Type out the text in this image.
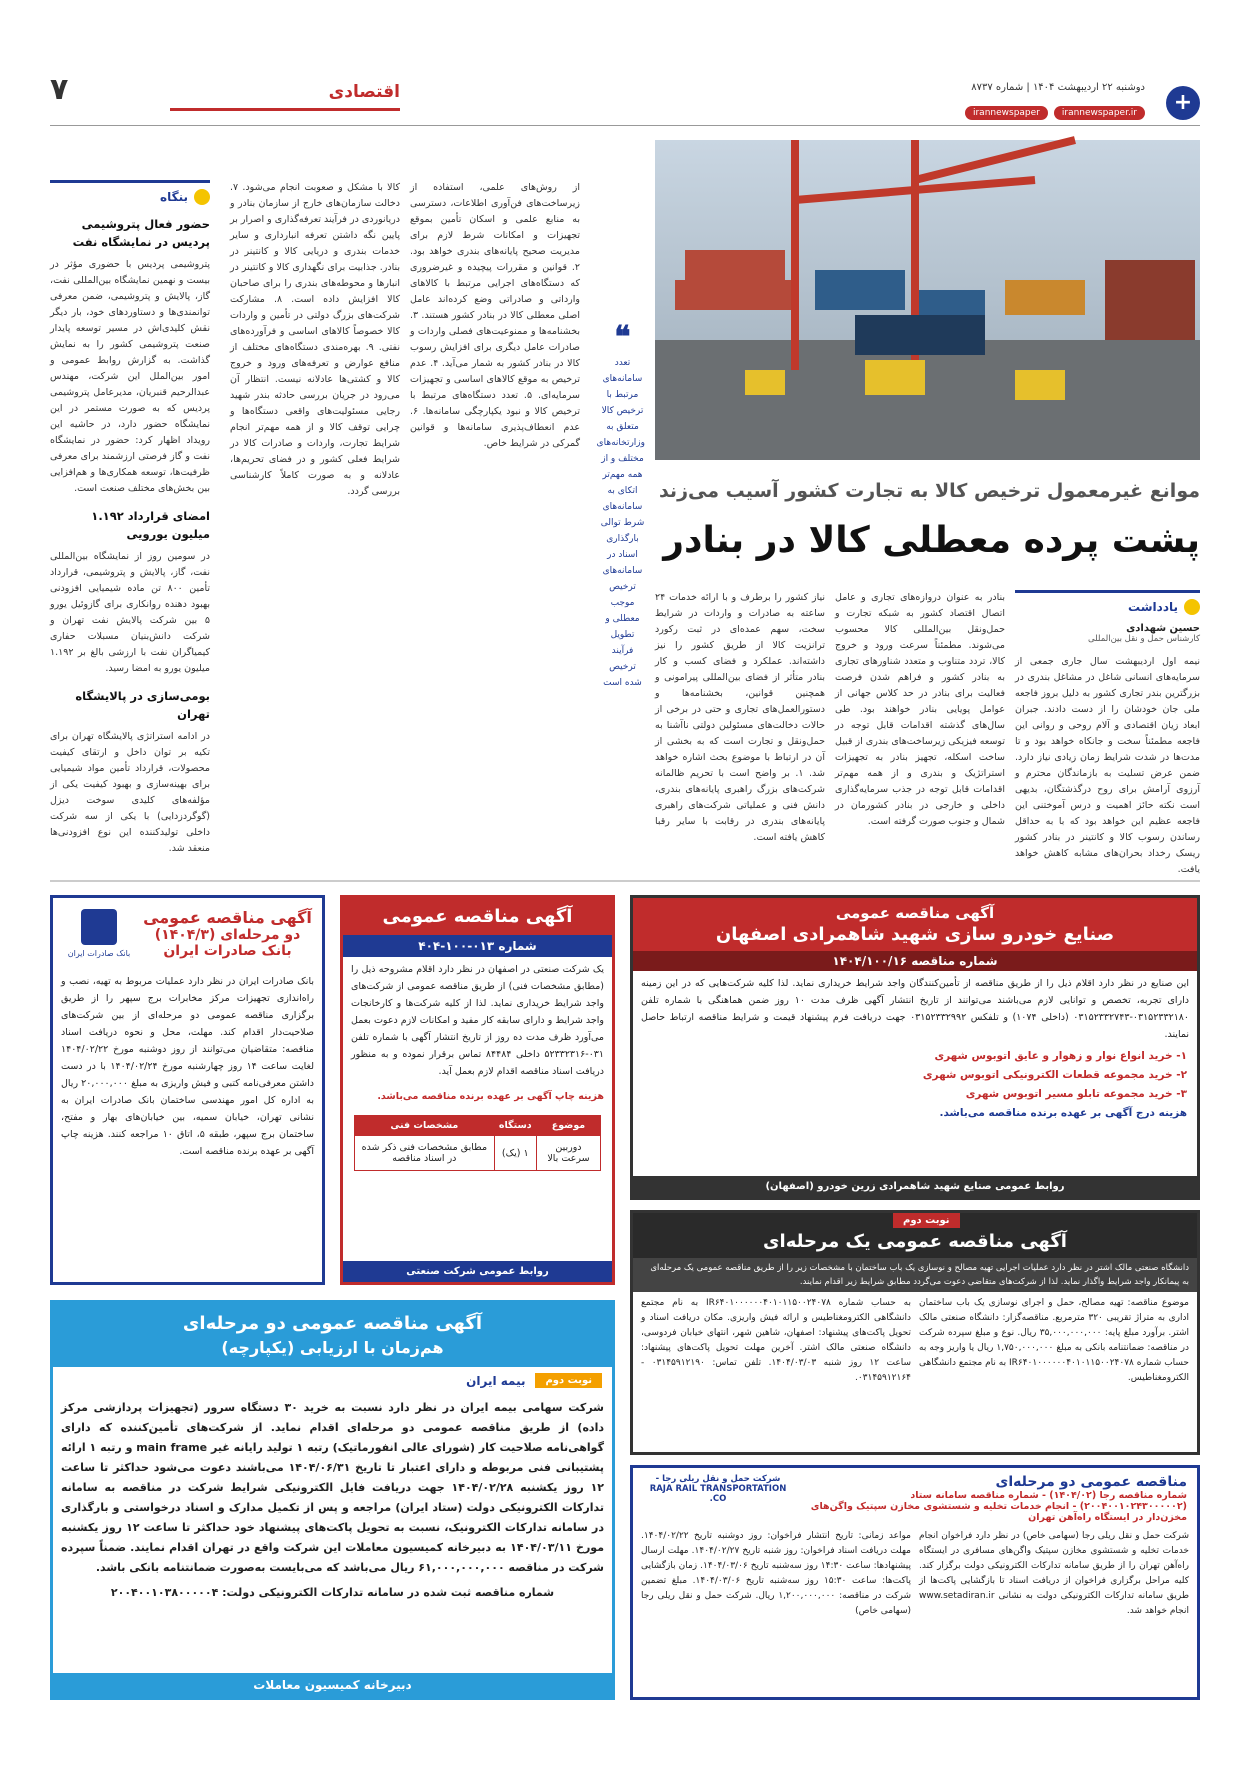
۷	اقتصادی	دوشنبه ۲۲ اردیبهشت ۱۴۰۴ | شماره ۸۷۳۷
irannewspaper.ir
irannewspaper	+
بنگاه
حضور فعال پتروشیمی پردیس در نمایشگاه نفت
پتروشیمی پردیس با حضوری مؤثر در بیست و نهمین نمایشگاه بین‌المللی نفت، گاز، پالایش و پتروشیمی، ضمن معرفی توانمندی‌ها و دستاوردهای خود، بار دیگر نقش کلیدی‌اش در مسیر توسعه پایدار صنعت پتروشیمی کشور را به نمایش گذاشت. به گزارش روابط عمومی و امور بین‌الملل این شرکت، مهندس عبدالرحیم قنبریان، مدیرعامل پتروشیمی پردیس که به صورت مستمر در این نمایشگاه حضور دارد، در حاشیه این رویداد اظهار کرد: حضور در نمایشگاه نفت و گاز فرصتی ارزشمند برای معرفی ظرفیت‌ها، توسعه همکاری‌ها و هم‌افزایی بین بخش‌های مختلف صنعت است.
امضای قرارداد ۱.۱۹۲ میلیون یورویی
در سومین روز از نمایشگاه بین‌المللی نفت، گاز، پالایش و پتروشیمی، قرارداد تأمین ۸۰۰ تن ماده شیمیایی افزودنی بهبود دهنده روانکاری برای گازوئیل یورو ۵ بین شرکت پالایش نفت تهران و شرکت دانش‌بنیان مسبلات حفاری کیمیاگران نفت با ارزشی بالغ بر ۱.۱۹۲ میلیون یورو به امضا رسید.
بومی‌سازی در پالایشگاه تهران
در ادامه استراتژی پالایشگاه تهران برای تکیه بر توان داخل و ارتقای کیفیت محصولات، قرارداد تأمین مواد شیمیایی برای بهینه‌سازی و بهبود کیفیت یکی از مؤلفه‌های کلیدی سوخت دیزل (گوگردزدایی) با یکی از سه شرکت داخلی تولیدکننده این نوع افزودنی‌ها منعقد شد.
کالا با مشکل و صعوبت انجام می‌شود. ۷. دخالت سازمان‌های خارج از سازمان بنادر و دریانوردی در فرآیند تعرفه‌گذاری و اصرار بر پایین نگه داشتن تعرفه انبارداری و سایر خدمات بندری و دریایی کالا و کانتینر در بنادر. جذابیت برای نگهداری کالا و کانتینر در انبارها و محوطه‌های بندری را برای صاحبان کالا افزایش داده است. ۸. مشارکت شرکت‌های بزرگ دولتی در تأمین و واردات کالا خصوصاً کالاهای اساسی و فرآورده‌های نفتی. ۹. بهره‌مندی دستگاه‌های مختلف از منافع عوارض و تعرفه‌های ورود و خروج کالا و کشتی‌ها عادلانه نیست. انتظار آن می‌رود در جریان بررسی حادثه بندر شهید رجایی مسئولیت‌های واقعی دستگاه‌ها و چرایی توقف کالا و از همه مهم‌تر انجام شرایط تجارت، واردات و صادرات کالا در شرایط فعلی کشور و در فضای تحریم‌ها، عادلانه و به صورت کاملاً کارشناسی بررسی گردد.
از روش‌های علمی، استفاده از زیرساخت‌های فن‌آوری اطلاعات، دسترسی به منابع علمی و اسکان تأمین بموقع تجهیزات و امکانات شرط لازم برای مدیریت صحیح پایانه‌های بندری خواهد بود. ۲. قوانین و مقررات پیچیده و غیرضروری که دستگاه‌های اجرایی مرتبط با کالاهای وارداتی و صادراتی وضع کرده‌اند عامل اصلی معطلی کالا در بنادر کشور هستند. ۳. بخشنامه‌ها و ممنوعیت‌های فصلی واردات و صادرات عامل دیگری برای افزایش رسوب کالا در بنادر کشور به شمار می‌آید. ۴. عدم ترخیص به موقع کالاهای اساسی و تجهیزات سرمایه‌ای. ۵. تعدد دستگاه‌های مرتبط با ترخیص کالا و نبود یکپارچگی سامانه‌ها. ۶. عدم انعطاف‌پذیری سامانه‌ها و قوانین گمرکی در شرایط خاص.
❝
تعدد سامانه‌های مرتبط با ترخیص کالا متعلق به وزارتخانه‌های مختلف و از همه مهم‌تر اتکای به سامانه‌های شرط توالی بارگذاری اسناد در سامانه‌های ترخیص موجب معطلی و تطویل فرآیند ترخیص شده است
موانع غیرمعمول ترخیص کالا به تجارت کشور آسیب می‌زند
پشت پرده معطلی کالا در بنادر
نیاز کشور را برطرف و با ارائه خدمات ۲۴ ساعته به صادرات و واردات در شرایط سخت، سهم عمده‌ای در ثبت رکورد ترانزیت کالا از طریق کشور را نیز داشته‌اند. عملکرد و فضای کسب و کار بنادر متأثر از فضای بین‌المللی پیرامونی و همچنین قوانین، بخشنامه‌ها و دستورالعمل‌های تجاری و حتی در برخی از حالات دخالت‌های مسئولین دولتی ناآشنا به حمل‌ونقل و تجارت است که به بخشی از آن در ارتباط با موضوع بحث اشاره خواهد شد. ۱. بر واضح است با تحریم ظالمانه شرکت‌های بزرگ راهبری پایانه‌های بندری، دانش فنی و عملیاتی شرکت‌های راهبری پایانه‌های بندری در رقابت با سایر رقبا کاهش یافته است.
بنادر به عنوان دروازه‌های تجاری و عامل اتصال اقتصاد کشور به شبکه تجارت و حمل‌ونقل بین‌المللی کالا محسوب می‌شوند. مطمئناً سرعت ورود و خروج کالا، تردد متناوب و متعدد شناورهای تجاری به بنادر کشور و فراهم شدن فرصت فعالیت برای بنادر در حد کلاس جهانی از عوامل پویایی بنادر خواهند بود. طی سال‌های گذشته اقدامات قابل توجه در توسعه فیزیکی زیرساخت‌های بندری از قبیل ساخت اسکله، تجهیز بنادر به تجهیزات استراتژیک و بندری و از همه مهم‌تر اقدامات قابل توجه در جذب سرمایه‌گذاری داخلی و خارجی در بنادر کشورمان در شمال و جنوب صورت گرفته است.
یادداشت
حسین شهدادی
کارشناس حمل و نقل بین‌المللی
نیمه اول اردیبهشت سال جاری جمعی از سرمایه‌های انسانی شاغل در مشاغل بندری در بزرگترین بندر تجاری کشور به دلیل بروز فاجعه ملی جان خودشان را از دست دادند. جبران ابعاد زیان اقتصادی و آلام روحی و روانی این فاجعه مطمئناً سخت و جانکاه خواهد بود و تا مدت‌ها در شدت شرایط زمان زیادی نیاز دارد. ضمن عرض تسلیت به بازماندگان محترم و آرزوی آرامش برای روح درگذشتگان، بدیهی است نکته حائز اهمیت و درس آموختنی این فاجعه عظیم این خواهد بود که با به حداقل رساندن رسوب کالا و کانتینر در بنادر کشور ریسک رخداد بحران‌های مشابه کاهش خواهد یافت.
آگهی مناقصه عمومی
صنایع خودرو سازی شهید شاهمرادی اصفهان
شماره مناقصه ۱۴۰۴/۱۰۰/۱۶
این صنایع در نظر دارد اقلام ذیل را از طریق مناقصه از تأمین‌کنندگان واجد شرایط خریداری نماید. لذا کلیه شرکت‌هایی که در این زمینه دارای تجربه، تخصص و توانایی لازم می‌باشند می‌توانند از تاریخ انتشار آگهی ظرف مدت ۱۰ روز ضمن هماهنگی با شماره تلفن ۰۳۱۵۲۳۳۲۱۸۰-۰۳۱۵۲۳۳۲۷۴۳ (داخلی ۱۰۷۴) و تلفکس ۰۳۱۵۲۳۳۲۹۹۲ جهت دریافت فرم پیشنهاد قیمت و شرایط مناقصه ارتباط حاصل نمایند.
۱- خرید انواع نوار و زهوار و عایق اتوبوس شهری
۲- خرید مجموعه قطعات الکترونیکی اتوبوس شهری
۳- خرید مجموعه تابلو مسیر اتوبوس شهری
هزینه درج آگهی بر عهده برنده مناقصه می‌باشد.
روابط عمومی صنایع شهید شاهمرادی زرین خودرو (اصفهان)
آگهی مناقصه عمومی
شماره ۰۱۳-۱۰۰-۴۰۴
یک شرکت صنعتی در اصفهان در نظر دارد اقلام مشروحه ذیل را (مطابق مشخصات فنی) از طریق مناقصه عمومی از شرکت‌های واجد شرایط خریداری نماید. لذا از کلیه شرکت‌ها و کارخانجات واجد شرایط و دارای سابقه کار مفید و امکانات لازم دعوت بعمل می‌آورد ظرف مدت ده روز از تاریخ انتشار آگهی با شماره تلفن ۰۳۱-۵۲۳۳۲۳۱۶ داخلی ۸۴۴۸۴ تماس برقرار نموده و به منظور دریافت اسناد مناقصه اقدام لازم بعمل آید.
هزینه چاپ آگهی بر عهده برنده مناقصه می‌باشد.
موضوع	دستگاه	مشخصات فنی
دوربین سرعت بالا	۱ (یک)	مطابق مشخصات فنی ذکر شده در اسناد مناقصه
روابط عمومی شرکت صنعتی
آگهی مناقصه عمومی
دو مرحله‌ای (۱۴۰۴/۳)
بانک صادرات ایران
بانک صادرات ایران
بانک صادرات ایران در نظر دارد عملیات مربوط به تهیه، نصب و راه‌اندازی تجهیزات مرکز مخابرات برج سپهر را از طریق برگزاری مناقصه عمومی دو مرحله‌ای از بین شرکت‌های صلاحیت‌دار اقدام کند. مهلت، محل و نحوه دریافت اسناد مناقصه: متقاضیان می‌توانند از روز دوشنبه مورخ ۱۴۰۴/۰۲/۲۲ لغایت ساعت ۱۴ روز چهارشنبه مورخ ۱۴۰۴/۰۲/۲۴ با در دست داشتن معرفی‌نامه کتبی و فیش واریزی به مبلغ ۲۰,۰۰۰,۰۰۰ ریال به اداره کل امور مهندسی ساختمان بانک صادرات ایران به نشانی تهران، خیابان سمیه، بین خیابان‌های بهار و مفتح، ساختمان برج سپهر، طبقه ۵، اتاق ۱۰ مراجعه کنند. هزینه چاپ آگهی بر عهده برنده مناقصه است.
نوبت دوم
آگهی مناقصه عمومی یک مرحله‌ای
دانشگاه صنعتی مالک اشتر در نظر دارد عملیات اجرایی تهیه مصالح و نوسازی یک باب ساختمان با مشخصات زیر را از طریق مناقصه عمومی یک مرحله‌ای به پیمانکار واجد شرایط واگذار نماید. لذا از شرکت‌های متقاضی دعوت می‌گردد مطابق شرایط زیر اقدام نمایند.
موضوع مناقصه: تهیه مصالح، حمل و اجرای نوسازی یک باب ساختمان اداری به متراژ تقریبی ۳۲۰ مترمربع. مناقصه‌گزار: دانشگاه صنعتی مالک اشتر. برآورد مبلغ پایه: ۳۵,۰۰۰,۰۰۰,۰۰۰ ریال. نوع و مبلغ سپرده شرکت در مناقصه: ضمانتنامه بانکی به مبلغ ۱,۷۵۰,۰۰۰,۰۰۰ ریال یا واریز وجه به حساب شماره IR۶۴۰۱۰۰۰۰۰۰۴۰۱۰۱۱۵۰۰۲۴۰۷۸ به نام مجتمع دانشگاهی الکترومغناطیس.
به حساب شماره IR۶۴۰۱۰۰۰۰۰۰۴۰۱۰۱۱۵۰۰۲۴۰۷۸ به نام مجتمع دانشگاهی الکترومغناطیس و ارائه فیش واریزی. مکان دریافت اسناد و تحویل پاکت‌های پیشنهاد: اصفهان، شاهین شهر، انتهای خیابان فردوسی، دانشگاه صنعتی مالک اشتر. آخرین مهلت تحویل پاکت‌های پیشنهاد: ساعت ۱۲ روز شنبه ۱۴۰۴/۰۳/۰۳. تلفن تماس: ۰۳۱۴۵۹۱۲۱۹۰ - ۰۳۱۴۵۹۱۲۱۶۴.
آگهی مناقصه عمومی دو مرحله‌ای
هم‌زمان با ارزیابی (یکپارچه)
نوبت دوم
بیمه ایران
شرکت سهامی بیمه ایران در نظر دارد نسبت به خرید ۳۰ دستگاه سرور (تجهیزات پردازشی مرکز داده) از طریق مناقصه عمومی دو مرحله‌ای اقدام نماید. از شرکت‌های تأمین‌کننده که دارای گواهی‌نامه صلاحیت کار (شورای عالی انفورماتیک) رتبه ۱ تولید رایانه غیر main frame و رتبه ۱ ارائه پشتیبانی فنی مربوطه و دارای اعتبار تا تاریخ ۱۴۰۴/۰۶/۳۱ می‌باشند دعوت می‌شود حداکثر تا ساعت ۱۲ روز یکشنبه ۱۴۰۴/۰۲/۲۸ جهت دریافت فایل الکترونیکی شرایط شرکت در مناقصه به سامانه تدارکات الکترونیکی دولت (ستاد ایران) مراجعه و پس از تکمیل مدارک و اسناد درخواستی و بارگذاری در سامانه تدارکات الکترونیک، نسبت به تحویل پاکت‌های پیشنهاد خود حداکثر تا ساعت ۱۲ روز یکشنبه مورخ ۱۴۰۴/۰۳/۱۱ به دبیرخانه کمیسیون معاملات این شرکت واقع در تهران اقدام نمایند. ضمناً سپرده شرکت در مناقصه ۶۱,۰۰۰,۰۰۰,۰۰۰ ریال می‌باشد که می‌بایست به‌صورت ضمانتنامه بانکی باشد.
شماره مناقصه ثبت شده در سامانه تدارکات الکترونیکی دولت: ۲۰۰۴۰۰۱۰۳۸۰۰۰۰۰۴
دبیرخانه کمیسیون معاملات
مناقصه عمومی دو مرحله‌ای
شماره مناقصه رجا (۱۴۰۴/۰۲) - شماره مناقصه سامانه ستاد (۲۰۰۴۰۰۱۰۲۴۳۰۰۰۰۰۲) - انجام خدمات تخلیه و شستشوی مخازن سپتیک واگن‌های مخزن‌دار در ایستگاه راه‌آهن تهران
شرکت حمل و نقل ریلی رجا - RAJA RAIL TRANSPORTATION CO.
شرکت حمل و نقل ریلی رجا (سهامی خاص) در نظر دارد فراخوان انجام خدمات تخلیه و شستشوی مخازن سپتیک واگن‌های مسافری در ایستگاه راه‌آهن تهران را از طریق سامانه تدارکات الکترونیکی دولت برگزار کند. کلیه مراحل برگزاری فراخوان از دریافت اسناد تا بازگشایی پاکت‌ها از طریق سامانه تدارکات الکترونیکی دولت به نشانی www.setadiran.ir انجام خواهد شد.
مواعد زمانی: تاریخ انتشار فراخوان: روز دوشنبه تاریخ ۱۴۰۴/۰۲/۲۲. مهلت دریافت اسناد فراخوان: روز شنبه تاریخ ۱۴۰۴/۰۲/۲۷. مهلت ارسال پیشنهادها: ساعت ۱۴:۳۰ روز سه‌شنبه تاریخ ۱۴۰۴/۰۳/۰۶. زمان بازگشایی پاکت‌ها: ساعت ۱۵:۳۰ روز سه‌شنبه تاریخ ۱۴۰۴/۰۳/۰۶. مبلغ تضمین شرکت در مناقصه: ۱,۲۰۰,۰۰۰,۰۰۰ ریال. شرکت حمل و نقل ریلی رجا (سهامی خاص)
